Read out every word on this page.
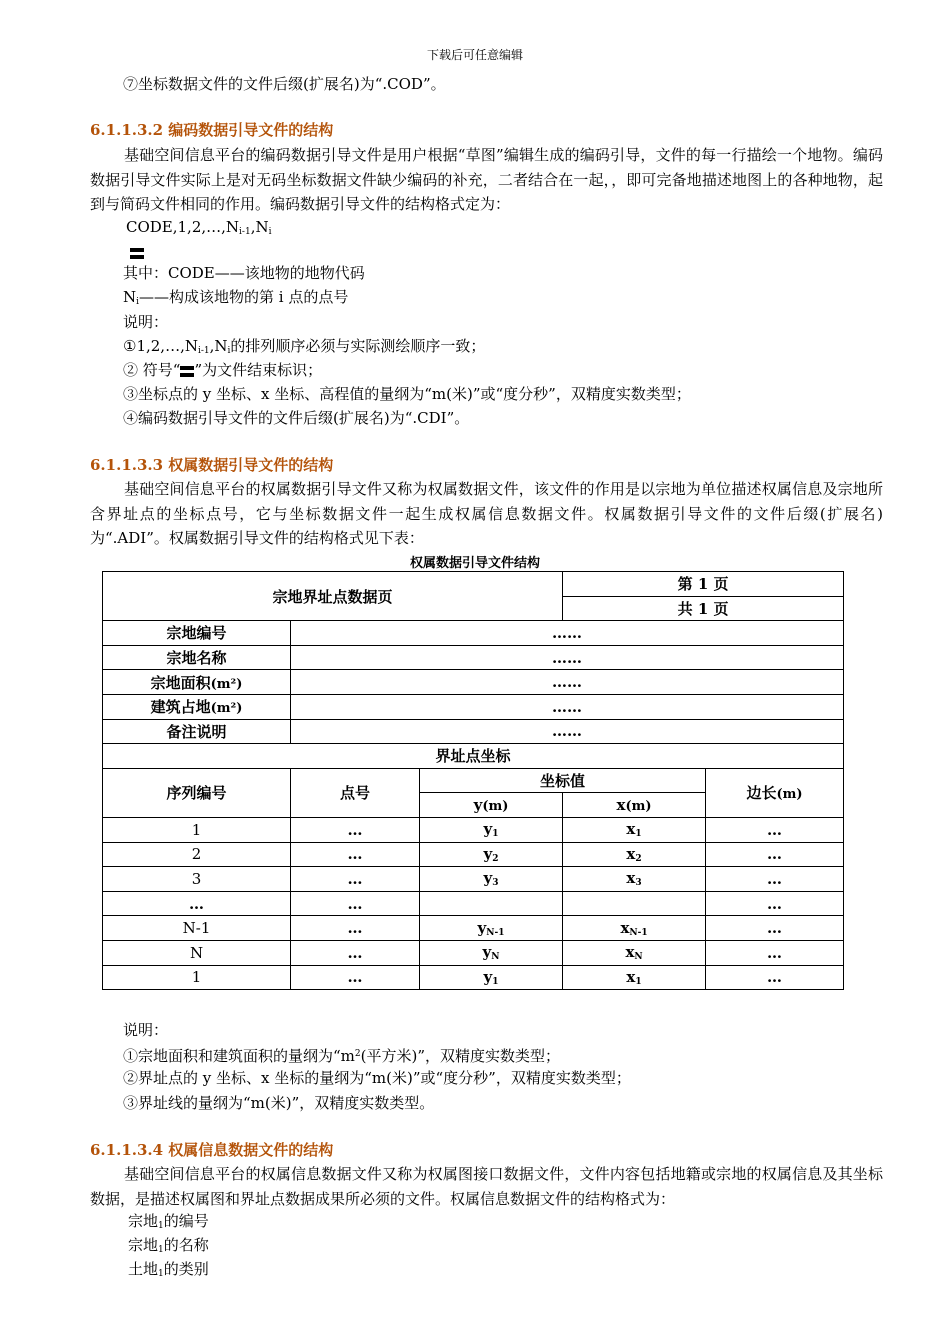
下载后可任意编辑
⑦坐标数据文件的文件后缀(扩展名)为“.COD”。
6.1.1.3.2 编码数据引导文件的结构
基础空间信息平台的编码数据引导文件是用户根据“草图”编辑生成的编码引导，文件的每一行描绘一个地物。编码数据引导文件实际上是对无码坐标数据文件缺少编码的补充，二者结合在一起，，即可完备地描述地图上的各种地物，起到与简码文件相同的作用。编码数据引导文件的结构格式定为：
$CODE,1,2,\dots,N_{i-1},N_i$
其中：CODE——该地物的地物代码
$N_i——$构成该地物的第 i 点的点号
说明：
$①1,2,\dots,N_{i-1},N_i$的排列顺序必须与实际测绘顺序一致；
② 符号“ ”为文件结束标识；
③坐标点的 y 坐标、x 坐标、高程值的量纲为“m(米)”或“度分秒”，双精度实数类型；
④编码数据引导文件的文件后缀(扩展名)为“.CDI”。
6.1.1.3.3 权属数据引导文件的结构
基础空间信息平台的权属数据引导文件又称为权属数据文件，该文件的作用是以宗地为单位描述权属信息及宗地所含界址点的坐标点号，它与坐标数据文件一起生成权属信息数据文件。权属数据引导文件的文件后缀(扩展名)为“.ADI”。权属数据引导文件的结构格式见下表：
权属数据引导文件结构
宗地界址点数据页			第 1 页	
			共 1 页	
宗地编号	……			
宗地名称	……			
宗地面积(m²)	……			
建筑占地(m²)	……			
备注说明	……			
界址点坐标				
序列编号	点号	坐标值		边长(m)
		y(m)	x(m)	
1	…	$y_1$	$x_1$	…
2	…	$y_2$	$x_2$	…
3	…	$y_3$	$x_3$	…
…	…			…
N-1	…	$y_{N-1}$	$x_{N-1}$	…
N	…	$y_N$	$x_N$	…
1	…	$y_1$	$x_1$	…
说明：
①宗地面积和建筑面积的量纲为“$m^2$(平方米)”，双精度实数类型；
②界址点的 y 坐标、x 坐标的量纲为“m(米)”或“度分秒”，双精度实数类型；
③界址线的量纲为“m(米)”，双精度实数类型。
6.1.1.3.4 权属信息数据文件的结构
基础空间信息平台的权属信息数据文件又称为权属图接口数据文件，文件内容包括地籍或宗地的权属信息及其坐标数据，是描述权属图和界址点数据成果所必须的文件。权属信息数据文件的结构格式为：
宗地$_1$的编号
宗地$_1$的名称
土地$_1$的类别
